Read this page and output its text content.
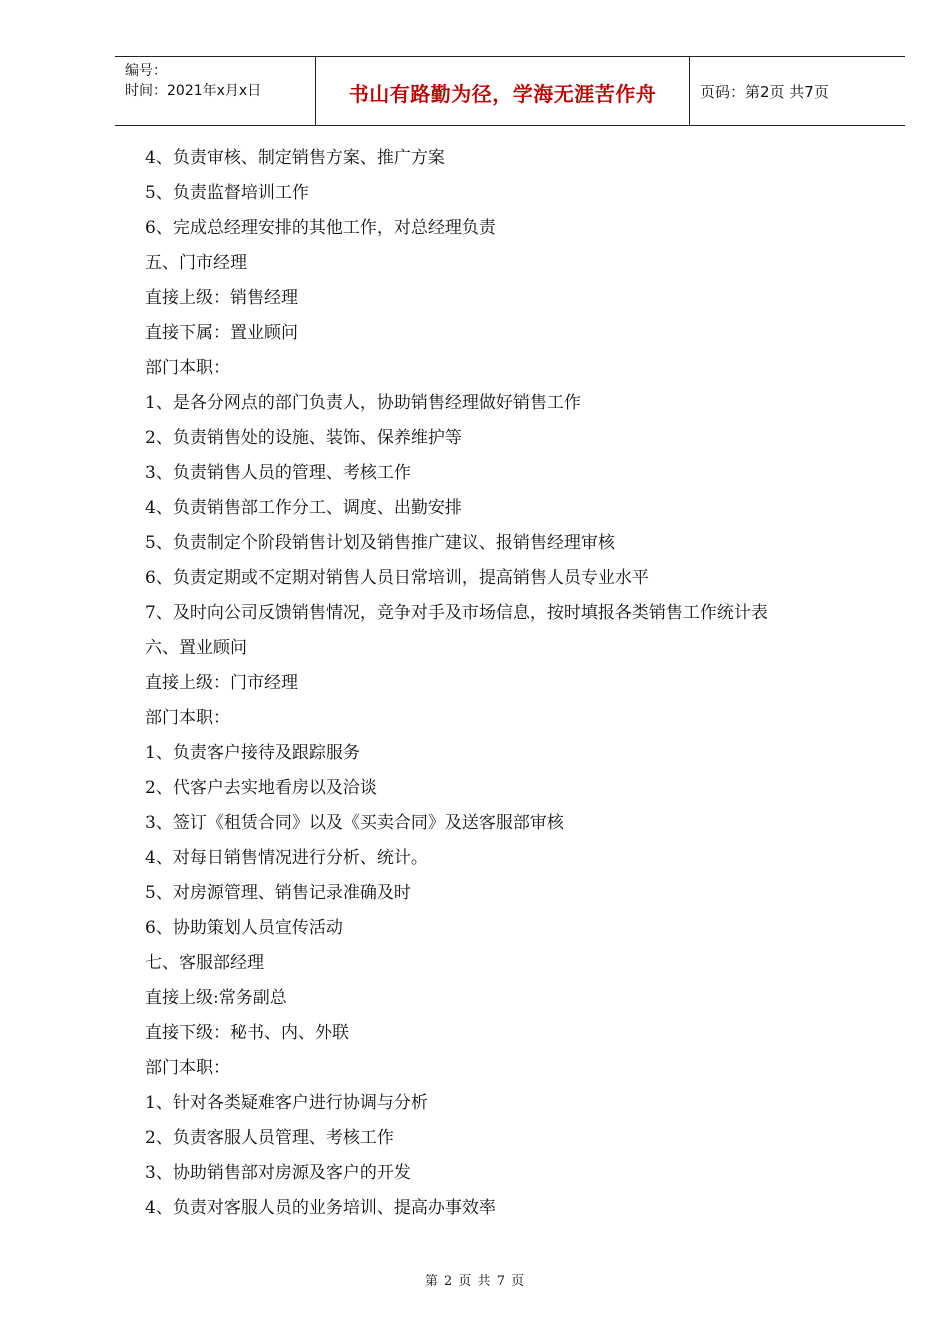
编号：
时间：2021年x月x日	书山有路勤为径，学海无涯苦作舟	页码：第2页 共7页
4、负责审核、制定销售方案、推广方案
5、负责监督培训工作
6、完成总经理安排的其他工作，对总经理负责
五、门市经理
直接上级：销售经理
直接下属：置业顾问
部门本职：
1、是各分网点的部门负责人，协助销售经理做好销售工作
2、负责销售处的设施、装饰、保养维护等
3、负责销售人员的管理、考核工作
4、负责销售部工作分工、调度、出勤安排
5、负责制定个阶段销售计划及销售推广建议、报销售经理审核
6、负责定期或不定期对销售人员日常培训，提高销售人员专业水平
7、及时向公司反馈销售情况，竞争对手及市场信息，按时填报各类销售工作统计表
六、置业顾问
直接上级：门市经理
部门本职：
1、负责客户接待及跟踪服务
2、代客户去实地看房以及洽谈
3、签订《租赁合同》以及《买卖合同》及送客服部审核
4、对每日销售情况进行分析、统计。
5、对房源管理、销售记录准确及时
6、协助策划人员宣传活动
七、客服部经理
直接上级:常务副总
直接下级：秘书、内、外联
部门本职：
1、针对各类疑难客户进行协调与分析
2、负责客服人员管理、考核工作
3、协助销售部对房源及客户的开发
4、负责对客服人员的业务培训、提高办事效率
第 2 页 共 7 页
